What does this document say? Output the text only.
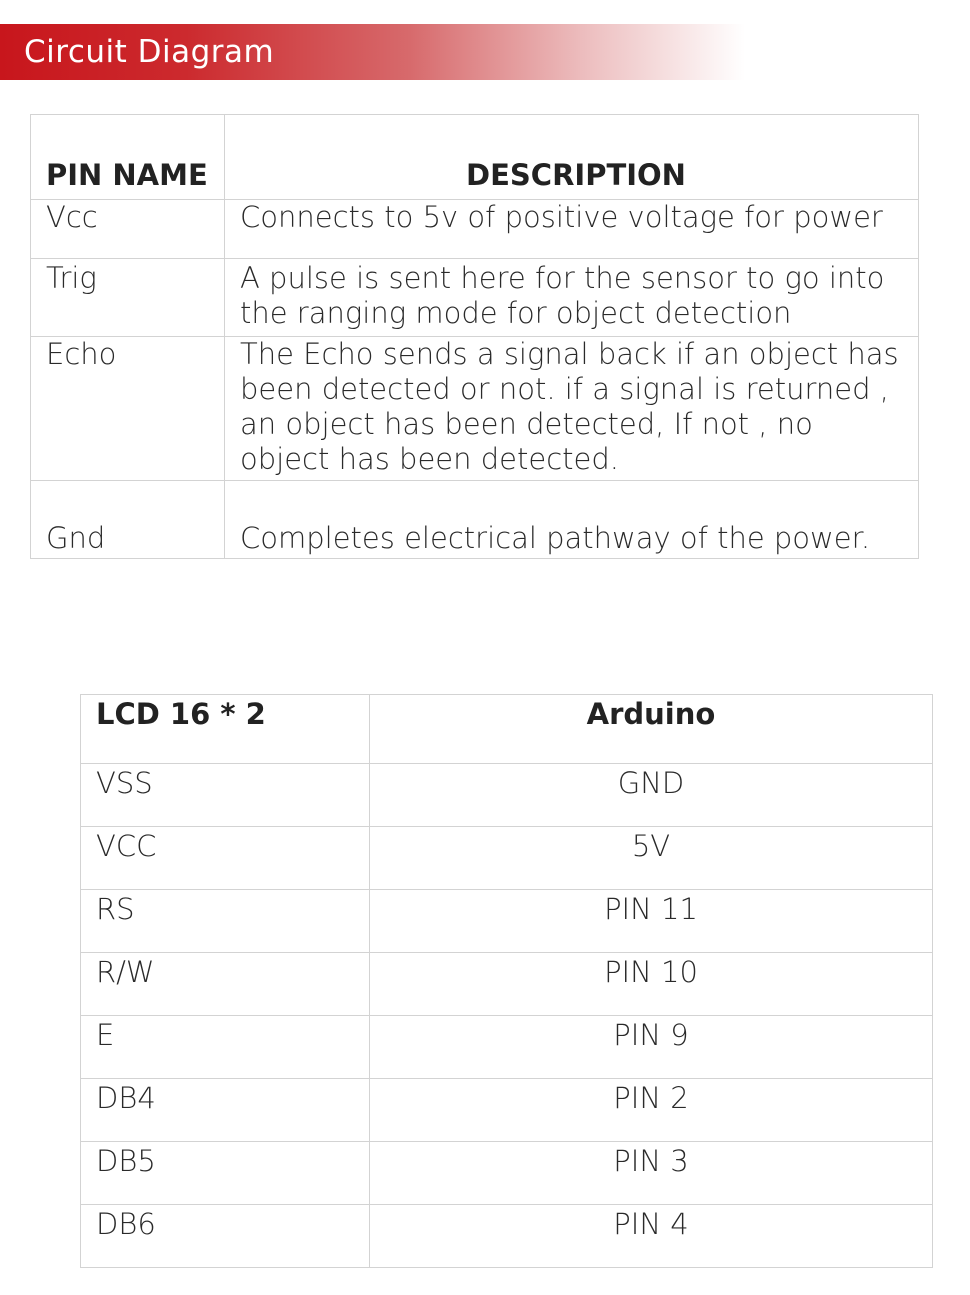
Circuit Diagram
PIN NAME	DESCRIPTION
Vcc	Connects to 5v of positive voltage for power

Trig	A pulse is sent here for the sensor to go into
the ranging mode for object detection

Echo	The Echo sends a signal back if an object has
been detected or not. if a signal is returned ,
an object has been detected, If not , no
object has been detected.

Gnd	Completes electrical pathway of the power.
LCD 16 * 2	Arduino
VSS	GND
VCC	5V
RS	PIN 11
R/W	PIN 10
E	PIN 9
DB4	PIN 2
DB5	PIN 3
DB6	PIN 4
